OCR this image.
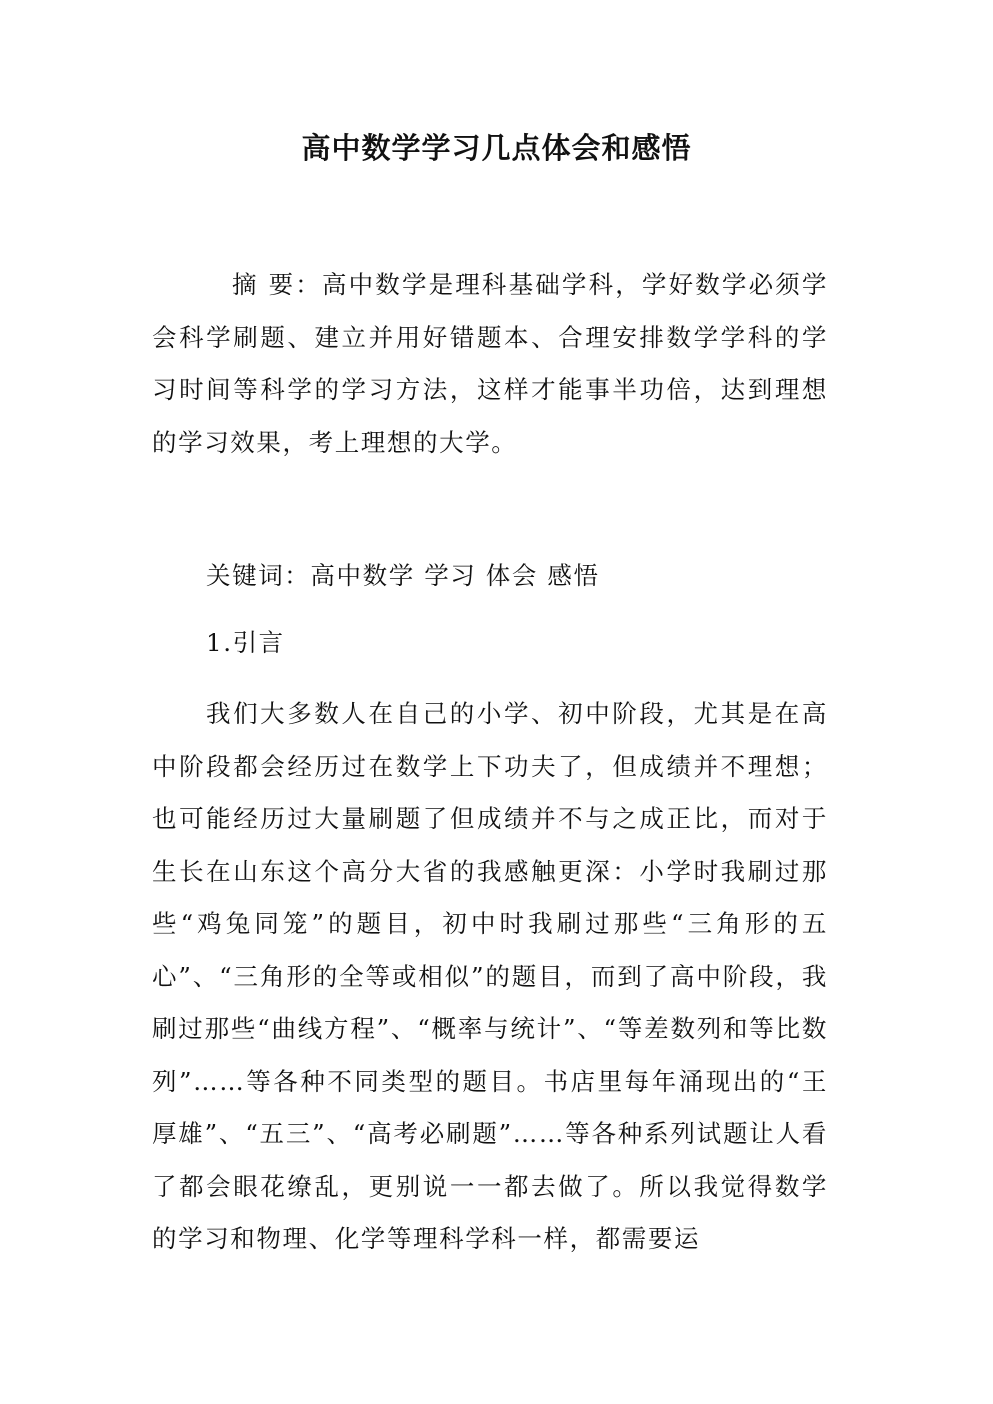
高中数学学习几点体会和感悟

摘 要：高中数学是理科基础学科，学好数学必须学会科学刷题、建立并用好错题本、合理安排数学学科的学习时间等科学的学习方法，这样才能事半功倍，达到理想的学习效果，考上理想的大学。

关键词：高中数学 学习 体会 感悟

1.引言

我们大多数人在自己的小学、初中阶段，尤其是在高中阶段都会经历过在数学上下功夫了，但成绩并不理想；也可能经历过大量刷题了但成绩并不与之成正比，而对于生长在山东这个高分大省的我感触更深：小学时我刷过那些“鸡兔同笼”的题目，初中时我刷过那些“三角形的五心”、“三角形的全等或相似”的题目，而到了高中阶段，我刷过那些“曲线方程”、“概率与统计”、“等差数列和等比数列”……等各种不同类型的题目。书店里每年涌现出的“王厚雄”、“五三”、“高考必刷题”……等各种系列试题让人看了都会眼花缭乱，更别说一一都去做了。所以我觉得数学的学习和物理、化学等理科学科一样，都需要运
